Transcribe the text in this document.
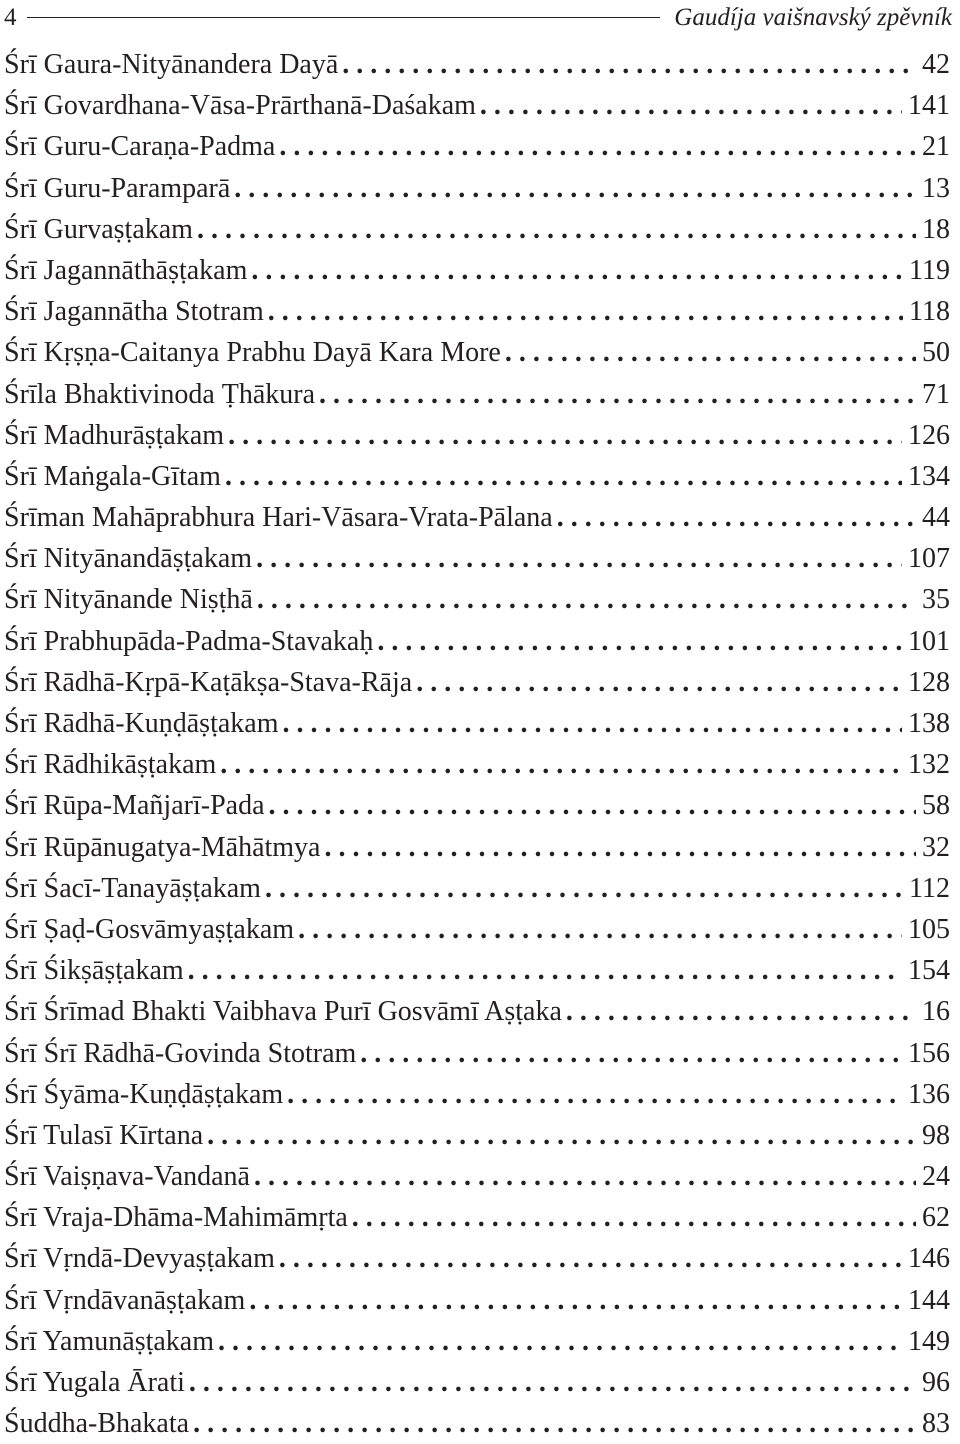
4	Gaudíja vaišnavský zpěvník
Śrī Gaura-Nityānandera Dayā . . .	42
Śrī Govardhana-Vāsa-Prārthanā-Daśakam . . .	141
Śrī Guru-Caraṇa-Padma . . .	21
Śrī Guru-Paramparā . . .	13
Śrī Gurvaṣṭakam . . .	18
Śrī Jagannāthāṣṭakam . . .	119
Śrī Jagannātha Stotram . . .	118
Śrī Kṛṣṇa-Caitanya Prabhu Dayā Kara More . . .	50
Śrīla Bhaktivinoda Ṭhākura . . .	71
Śrī Madhurāṣṭakam . . .	126
Śrī Maṅgala-Gītam . . .	134
Śrīman Mahāprabhura Hari-Vāsara-Vrata-Pālana . . .	44
Śrī Nityānandāṣṭakam . . .	107
Śrī Nityānande Niṣṭhā . . .	35
Śrī Prabhupāda-Padma-Stavakaḥ . . .	101
Śrī Rādhā-Kṛpā-Kaṭākṣa-Stava-Rāja . . .	128
Śrī Rādhā-Kuṇḍāṣṭakam . . .	138
Śrī Rādhikāṣṭakam . . .	132
Śrī Rūpa-Mañjarī-Pada . . .	58
Śrī Rūpānugatya-Māhātmya . . .	32
Śrī Śacī-Tanayāṣṭakam . . .	112
Śrī Ṣaḍ-Gosvāmyaṣṭakam . . .	105
Śrī Śikṣāṣṭakam . . .	154
Śrī Śrīmad Bhakti Vaibhava Purī Gosvāmī Aṣṭaka . . .	16
Śrī Śrī Rādhā-Govinda Stotram . . .	156
Śrī Śyāma-Kuṇḍāṣṭakam . . .	136
Śrī Tulasī Kīrtana . . .	98
Śrī Vaiṣṇava-Vandanā . . .	24
Śrī Vraja-Dhāma-Mahimāmṛta . . .	62
Śrī Vṛndā-Devyaṣṭakam . . .	146
Śrī Vṛndāvanāṣṭakam . . .	144
Śrī Yamunāṣṭakam . . .	149
Śrī Yugala Ārati . . .	96
Śuddha-Bhakata . . .	83
